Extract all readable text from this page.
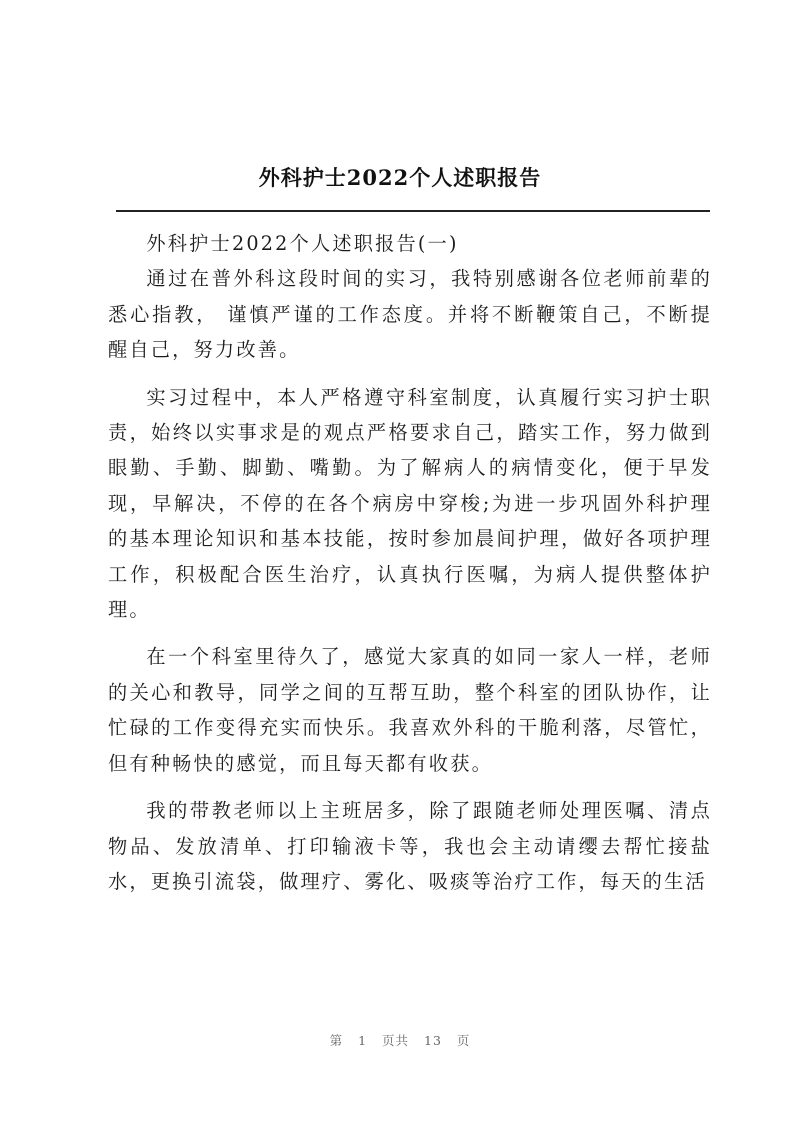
外科护士2022个人述职报告

外科护士2022个人述职报告(一)

通过在普外科这段时间的实习，我特别感谢各位老师前辈的悉心指教， 谨慎严谨的工作态度。并将不断鞭策自己，不断提醒自己，努力改善。

实习过程中，本人严格遵守科室制度，认真履行实习护士职责，始终以实事求是的观点严格要求自己，踏实工作，努力做到眼勤、手勤、脚勤、嘴勤。为了解病人的病情变化，便于早发现，早解决，不停的在各个病房中穿梭;为进一步巩固外科护理的基本理论知识和基本技能，按时参加晨间护理，做好各项护理工作，积极配合医生治疗，认真执行医嘱，为病人提供整体护理。

在一个科室里待久了，感觉大家真的如同一家人一样，老师的关心和教导，同学之间的互帮互助，整个科室的团队协作，让忙碌的工作变得充实而快乐。我喜欢外科的干脆利落，尽管忙，但有种畅快的感觉，而且每天都有收获。

我的带教老师以上主班居多，除了跟随老师处理医嘱、清点物品、发放清单、打印输液卡等，我也会主动请缨去帮忙接盐水，更换引流袋，做理疗、雾化、吸痰等治疗工作，每天的生活

第 1 页共 13 页
